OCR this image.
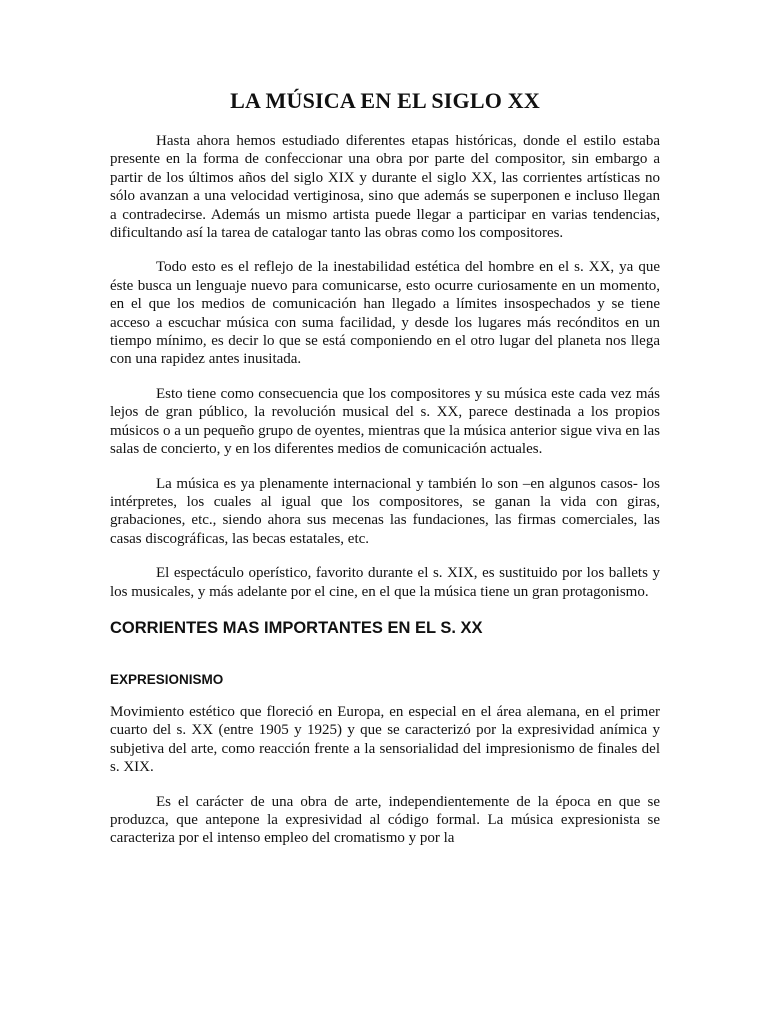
LA MÚSICA EN EL SIGLO XX

Hasta ahora hemos estudiado diferentes etapas históricas, donde el estilo estaba presente en la forma de confeccionar una obra por parte del compositor, sin embargo a partir de los últimos años del siglo XIX y durante el siglo XX, las corrientes artísticas no sólo avanzan a una velocidad vertiginosa, sino que además se superponen e incluso llegan a contradecirse. Además un mismo artista puede llegar a participar en varias tendencias, dificultando así la tarea de catalogar tanto las obras como los compositores.

Todo esto es el reflejo de la inestabilidad estética del hombre en el s. XX, ya que éste busca un lenguaje nuevo para comunicarse, esto ocurre curiosamente en un momento, en el que los medios de comunicación han llegado a límites insospechados y se tiene acceso a escuchar música con suma facilidad, y desde los lugares más recónditos en un tiempo mínimo, es decir lo que se está componiendo en el otro lugar del planeta nos llega con una rapidez antes inusitada.

Esto tiene como consecuencia que los compositores y su música este cada vez más lejos de gran público, la revolución musical del s. XX, parece destinada a los propios músicos o a un pequeño grupo de oyentes, mientras que la música anterior sigue viva en las salas de concierto, y en los diferentes medios de comunicación actuales.

La música es ya plenamente internacional y también lo son –en algunos casos- los intérpretes, los cuales al igual que los compositores, se ganan la vida con giras, grabaciones, etc., siendo ahora sus mecenas las fundaciones, las firmas comerciales, las casas discográficas, las becas estatales, etc.

El espectáculo operístico, favorito durante el s. XIX, es sustituido por los ballets y los musicales, y más adelante por el cine, en el que la música tiene un gran protagonismo.

CORRIENTES MAS IMPORTANTES EN EL S. XX
EXPRESIONISMO

Movimiento estético que floreció en Europa, en especial en el área alemana, en el primer cuarto del s. XX (entre 1905 y 1925) y que se caracterizó por la expresividad anímica y subjetiva del arte, como reacción frente a la sensorialidad del impresionismo de finales del s. XIX.

Es el carácter de una obra de arte, independientemente de la época en que se produzca, que antepone la expresividad al código formal. La música expresionista se caracteriza por el intenso empleo del cromatismo y por la
